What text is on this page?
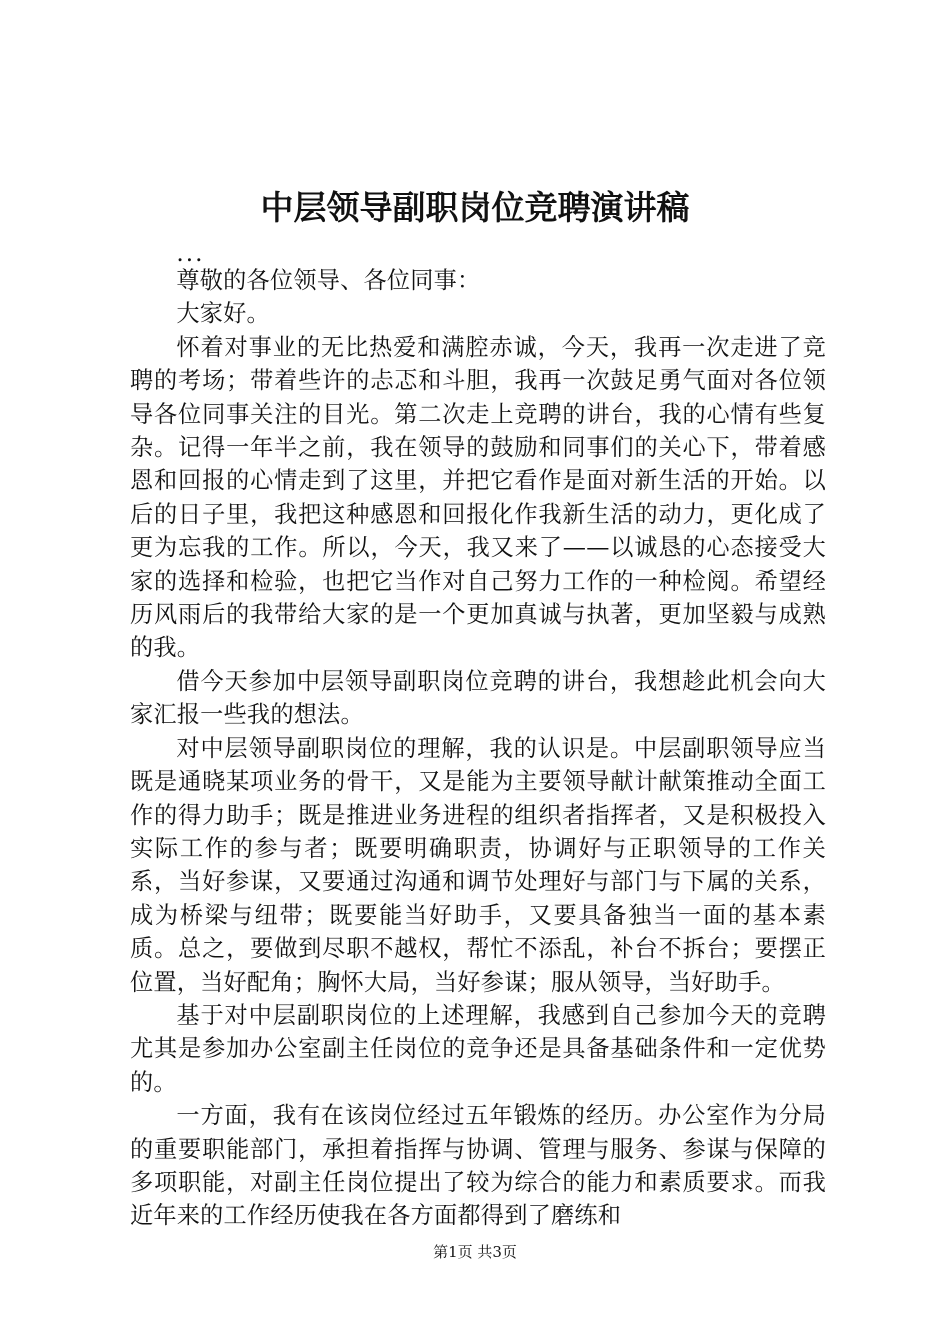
中层领导副职岗位竞聘演讲稿

...

尊敬的各位领导、各位同事：

大家好。

怀着对事业的无比热爱和满腔赤诚，今天，我再一次走进了竞聘的考场；带着些许的忐忑和斗胆，我再一次鼓足勇气面对各位领导各位同事关注的目光。第二次走上竞聘的讲台，我的心情有些复杂。记得一年半之前，我在领导的鼓励和同事们的关心下，带着感恩和回报的心情走到了这里，并把它看作是面对新生活的开始。以后的日子里，我把这种感恩和回报化作我新生活的动力，更化成了更为忘我的工作。所以，今天，我又来了——以诚恳的心态接受大家的选择和检验，也把它当作对自己努力工作的一种检阅。希望经历风雨后的我带给大家的是一个更加真诚与执著，更加坚毅与成熟的我。

借今天参加中层领导副职岗位竞聘的讲台，我想趁此机会向大家汇报一些我的想法。

对中层领导副职岗位的理解，我的认识是。中层副职领导应当既是通晓某项业务的骨干，又是能为主要领导献计献策推动全面工作的得力助手；既是推进业务进程的组织者指挥者，又是积极投入实际工作的参与者；既要明确职责，协调好与正职领导的工作关系，当好参谋，又要通过沟通和调节处理好与部门与下属的关系，成为桥梁与纽带；既要能当好助手，又要具备独当一面的基本素质。总之，要做到尽职不越权，帮忙不添乱，补台不拆台；要摆正位置，当好配角；胸怀大局，当好参谋；服从领导，当好助手。

基于对中层副职岗位的上述理解，我感到自己参加今天的竞聘尤其是参加办公室副主任岗位的竞争还是具备基础条件和一定优势的。

一方面，我有在该岗位经过五年锻炼的经历。办公室作为分局的重要职能部门，承担着指挥与协调、管理与服务、参谋与保障的多项职能，对副主任岗位提出了较为综合的能力和素质要求。而我近年来的工作经历使我在各方面都得到了磨练和

第1页 共3页
